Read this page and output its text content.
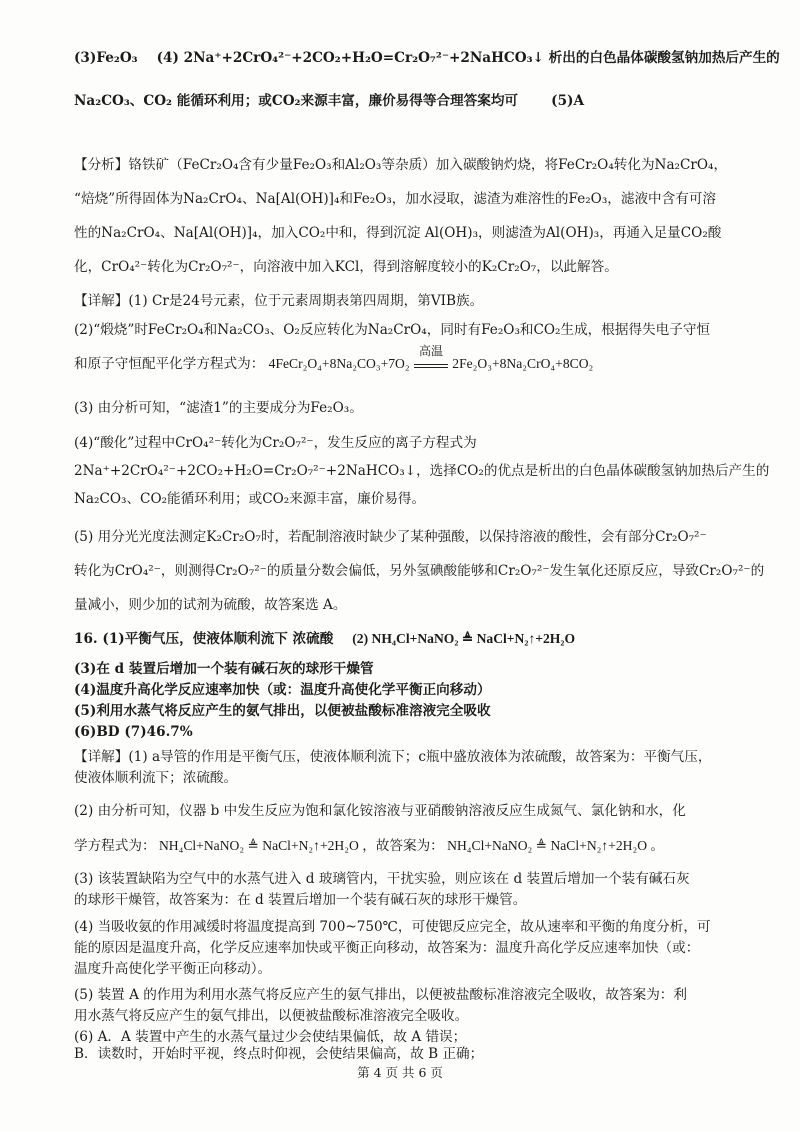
(3)Fe₂O₃ (4) 2Na⁺+2CrO₄²⁻+2CO₂+H₂O=Cr₂O₇²⁻+2NaHCO₃↓ 析出的白色晶体碳酸氢钠加热后产生的
Na₂CO₃、CO₂ 能循环利用；或CO₂来源丰富，廉价易得等合理答案均可 (5)A
【分析】铬铁矿（FeCr₂O₄含有少量Fe₂O₃和Al₂O₃等杂质）加入碳酸钠灼烧，将FeCr₂O₄转化为Na₂CrO₄，
“焙烧”所得固体为Na₂CrO₄、Na[Al(OH)]₄和Fe₂O₃，加水浸取，滤渣为难溶性的Fe₂O₃，滤液中含有可溶
性的Na₂CrO₄、Na[Al(OH)]₄，加入CO₂中和，得到沉淀 Al(OH)₃，则滤渣为Al(OH)₃，再通入足量CO₂酸
化，CrO₄²⁻转化为Cr₂O₇²⁻，向溶液中加入KCl，得到溶解度较小的K₂Cr₂O₇，以此解答。
【详解】(1) Cr是24号元素，位于元素周期表第四周期，第VIB族。
(2)“煅烧”时FeCr₂O₄和Na₂CO₃、O₂反应转化为Na₂CrO₄，同时有Fe₂O₃和CO₂生成，根据得失电子守恒
和原子守恒配平化学方程式为： 4FeCr₂O₄+8Na₂CO₃+7O₂
高温
2Fe₂O₃+8Na₂CrO₄+8CO₂
(3) 由分析可知，“滤渣1”的主要成分为Fe₂O₃。
(4)“酸化”过程中CrO₄²⁻转化为Cr₂O₇²⁻，发生反应的离子方程式为
2Na⁺+2CrO₄²⁻+2CO₂+H₂O=Cr₂O₇²⁻+2NaHCO₃↓，选择CO₂的优点是析出的白色晶体碳酸氢钠加热后产生的
Na₂CO₃、CO₂能循环利用；或CO₂来源丰富，廉价易得。
(5) 用分光光度法测定K₂Cr₂O₇时，若配制溶液时缺少了某种强酸，以保持溶液的酸性，会有部分Cr₂O₇²⁻
转化为CrO₄²⁻，则测得Cr₂O₇²⁻的质量分数会偏低，另外氢碘酸能够和Cr₂O₇²⁻发生氧化还原反应，导致Cr₂O₇²⁻的
量减小，则少加的试剂为硫酸，故答案选 A。
16. (1)平衡气压，使液体顺利流下 浓硫酸 (2) NH₄Cl+NaNO₂ ≜ NaCl+N₂↑+2H₂O
(3)在 d 装置后增加一个装有碱石灰的球形干燥管
(4)温度升高化学反应速率加快（或：温度升高使化学平衡正向移动）
(5)利用水蒸气将反应产生的氨气排出，以便被盐酸标准溶液完全吸收
(6)BD (7)46.7%
【详解】(1) a导管的作用是平衡气压，使液体顺利流下；c瓶中盛放液体为浓硫酸，故答案为：平衡气压，
使液体顺利流下；浓硫酸。
(2) 由分析可知，仪器 b 中发生反应为饱和氯化铵溶液与亚硝酸钠溶液反应生成氮气、氯化钠和水，化
学方程式为： NH₄Cl+NaNO₂ ≜ NaCl+N₂↑+2H₂O ，故答案为： NH₄Cl+NaNO₂ ≜ NaCl+N₂↑+2H₂O 。
(3) 该装置缺陷为空气中的水蒸气进入 d 玻璃管内，干扰实验，则应该在 d 装置后增加一个装有碱石灰
的球形干燥管，故答案为：在 d 装置后增加一个装有碱石灰的球形干燥管。
(4) 当吸收氨的作用减缓时将温度提高到 700~750℃，可使锶反应完全，故从速率和平衡的角度分析，可
能的原因是温度升高，化学反应速率加快或平衡正向移动，故答案为：温度升高化学反应速率加快（或：
温度升高使化学平衡正向移动）。
(5) 装置 A 的作用为利用水蒸气将反应产生的氨气排出，以便被盐酸标准溶液完全吸收，故答案为：利
用水蒸气将反应产生的氨气排出，以便被盐酸标准溶液完全吸收。
(6) A．A 装置中产生的水蒸气量过少会使结果偏低，故 A 错误；
B．读数时，开始时平视，终点时仰视，会使结果偏高，故 B 正确；
第 4 页 共 6 页
